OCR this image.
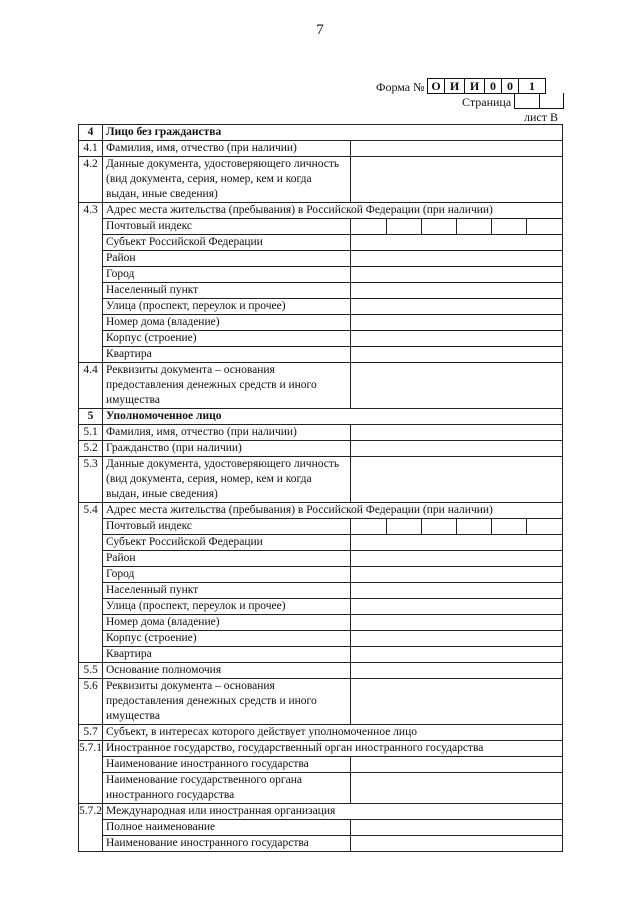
7
Форма № О	И	И	0	0	1
Страница
лист В
4	Лицо без гражданства
4.1	Фамилия, имя, отчество (при наличии)	
4.2	Данные документа, удостоверяющего личность (вид документа, серия, номер, кем и когда выдан, иные сведения)	
4.3	Адрес места жительства (пребывания) в Российской Федерации (при наличии)
Почтовый индекс	

Субъект Российской Федерации	
Район	
Город	
Населенный пункт	
Улица (проспект, переулок и прочее)	
Номер дома (владение)	
Корпус (строение)	
Квартира	
4.4	Реквизиты документа – основания предоставления денежных средств и иного имущества	
5	Уполномоченное лицо
5.1	Фамилия, имя, отчество (при наличии)	
5.2	Гражданство (при наличии)	
5.3	Данные документа, удостоверяющего личность (вид документа, серия, номер, кем и когда выдан, иные сведения)	
5.4	Адрес места жительства (пребывания) в Российской Федерации (при наличии)
Почтовый индекс	

Субъект Российской Федерации	
Район	
Город	
Населенный пункт	
Улица (проспект, переулок и прочее)	
Номер дома (владение)	
Корпус (строение)	
Квартира	
5.5	Основание полномочия	
5.6	Реквизиты документа – основания предоставления денежных средств и иного имущества	
5.7	Субъект, в интересах которого действует уполномоченное лицо
5.7.1	Иностранное государство, государственный орган иностранного государства
Наименование иностранного государства	
Наименование государственного органа иностранного государства	
5.7.2	Международная или иностранная организация
Полное наименование	
Наименование иностранного государства	
